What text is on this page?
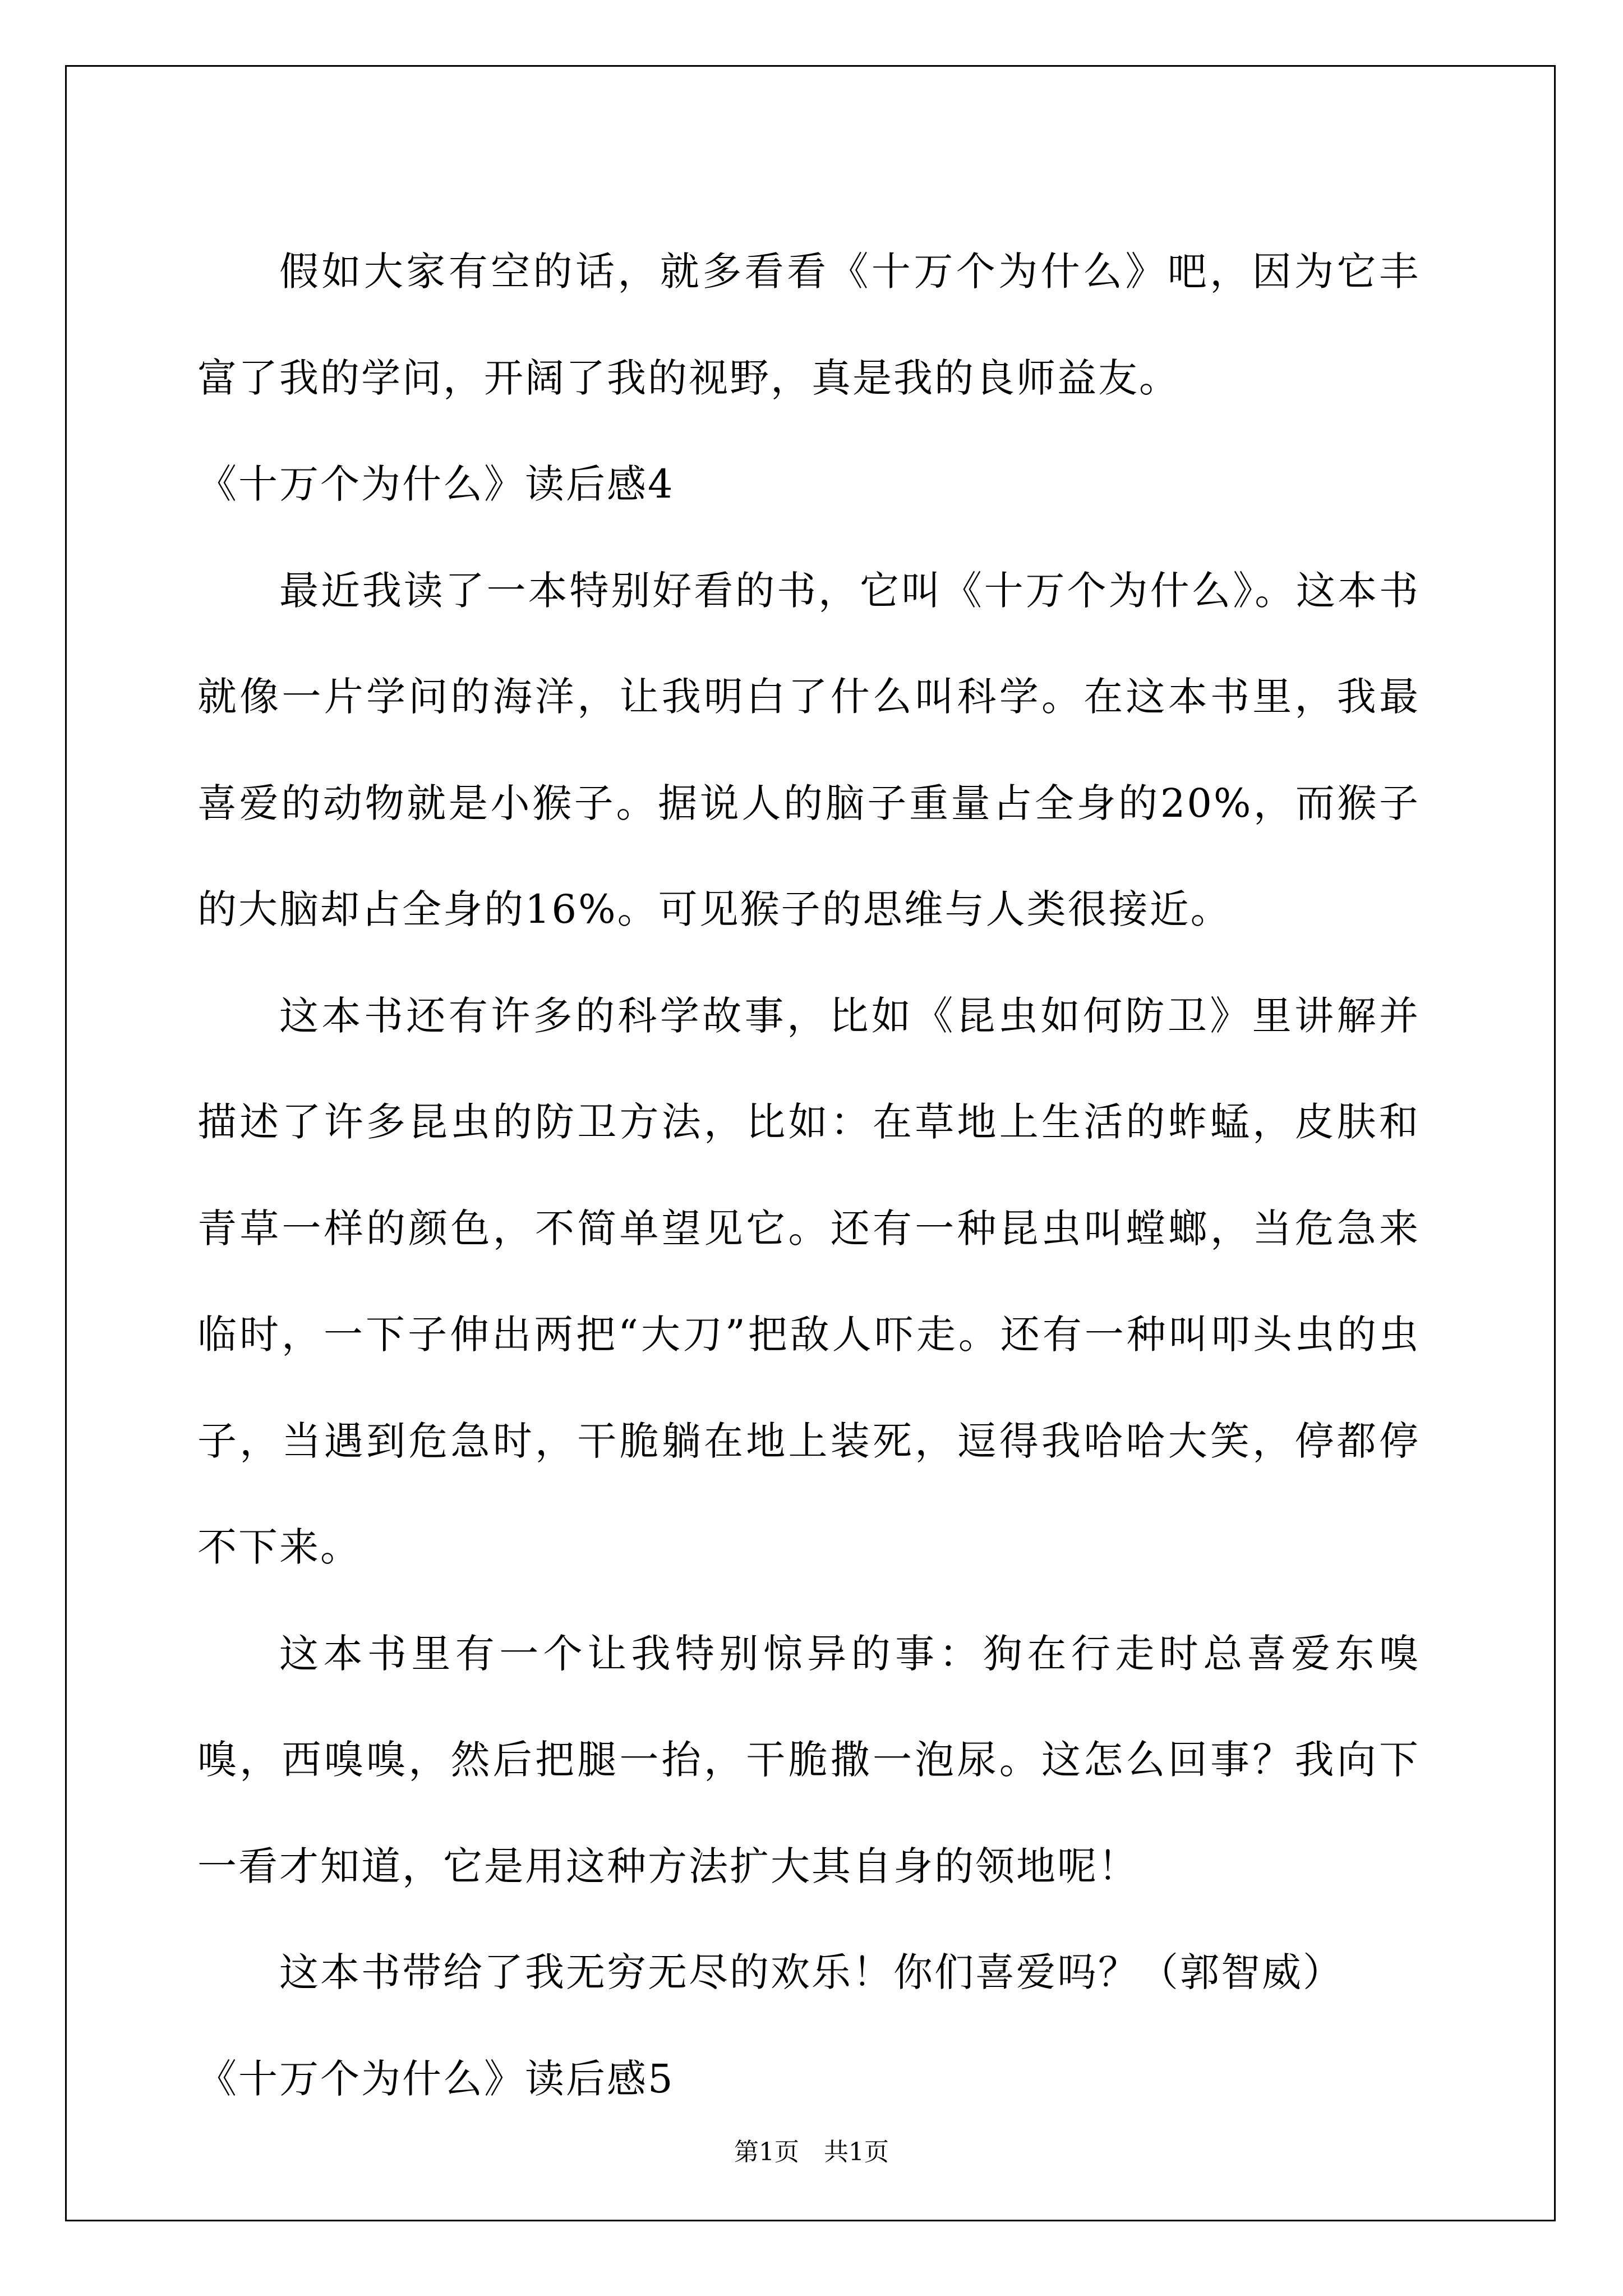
假如大家有空的话，就多看看《十万个为什么》吧，因为它丰富了我的学问，开阔了我的视野，真是我的良师益友。

《十万个为什么》读后感4

最近我读了一本特别好看的书，它叫《十万个为什么》。这本书就像一片学问的海洋，让我明白了什么叫科学。在这本书里，我最喜爱的动物就是小猴子。据说人的脑子重量占全身的20%，而猴子的大脑却占全身的16%。可见猴子的思维与人类很接近。

这本书还有许多的科学故事，比如《昆虫如何防卫》里讲解并描述了许多昆虫的防卫方法，比如：在草地上生活的蚱蜢，皮肤和青草一样的颜色，不简单望见它。还有一种昆虫叫螳螂，当危急来临时，一下子伸出两把“大刀”把敌人吓走。还有一种叫叩头虫的虫子，当遇到危急时，干脆躺在地上装死，逗得我哈哈大笑，停都停不下来。

这本书里有一个让我特别惊异的事：狗在行走时总喜爱东嗅嗅，西嗅嗅，然后把腿一抬，干脆撒一泡尿。这怎么回事？我向下一看才知道，它是用这种方法扩大其自身的领地呢！

这本书带给了我无穷无尽的欢乐！你们喜爱吗？（郭智威）

《十万个为什么》读后感5

第1页　共1页
